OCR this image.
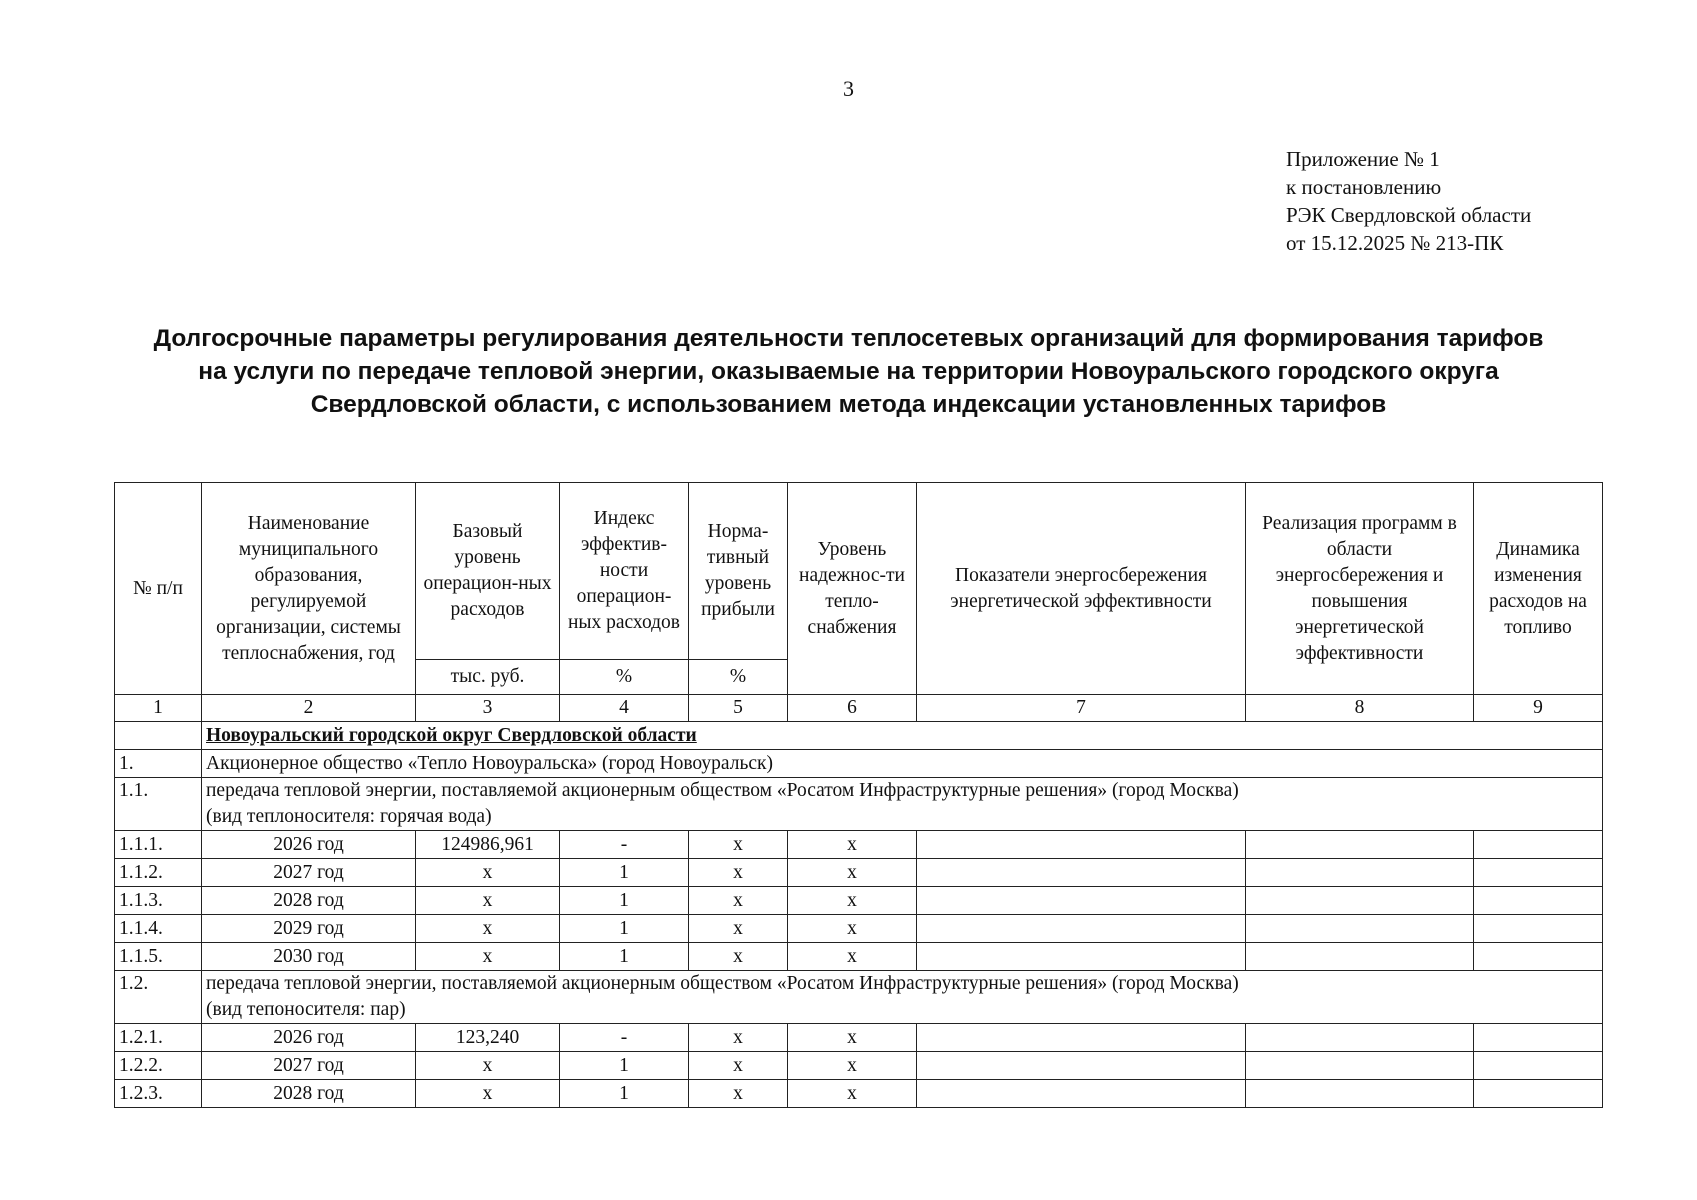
3
Приложение № 1
к постановлению
РЭК Свердловской области
от 15.12.2025 № 213-ПК
Долгосрочные параметры регулирования деятельности теплосетевых организаций для формирования тарифов
на услуги по передаче тепловой энергии, оказываемые на территории Новоуральского городского округа
Свердловской области, с использованием метода индексации установленных тарифов
№ п/п	Наименование муниципального образования, регулируемой организации, системы теплоснабжения, год	Базовый уровень операцион-ных расходов	Индекс эффектив-ности операцион-ных расходов	Норма-тивный уровень прибыли	Уровень надежнос-ти тепло-снабжения	Показатели энергосбережения энергетической эффективности	Реализация программ в области энергосбережения и повышения энергетической эффективности	Динамика изменения расходов на топливо
		тыс. руб.	%	%				
1	2	3	4	5	6	7	8	9
	Новоуральский городской округ Свердловской области							
1.	Акционерное общество «Тепло Новоуральска» (город Новоуральск)							
1.1.	передача тепловой энергии, поставляемой акционерным обществом «Росатом Инфраструктурные решения» (город Москва)
(вид теплоносителя: горячая вода)							

1.1.1.	2026 год	124986,961	-	х	х			
1.1.2.	2027 год	х	1	х	х			
1.1.3.	2028 год	х	1	х	х			
1.1.4.	2029 год	х	1	х	х			
1.1.5.	2030 год	х	1	х	х			
1.2.	передача тепловой энергии, поставляемой акционерным обществом «Росатом Инфраструктурные решения» (город Москва)
(вид тепоносителя: пар)							

1.2.1.	2026 год	123,240	-	х	х			
1.2.2.	2027 год	х	1	х	х			
1.2.3.	2028 год	х	1	х	х			
